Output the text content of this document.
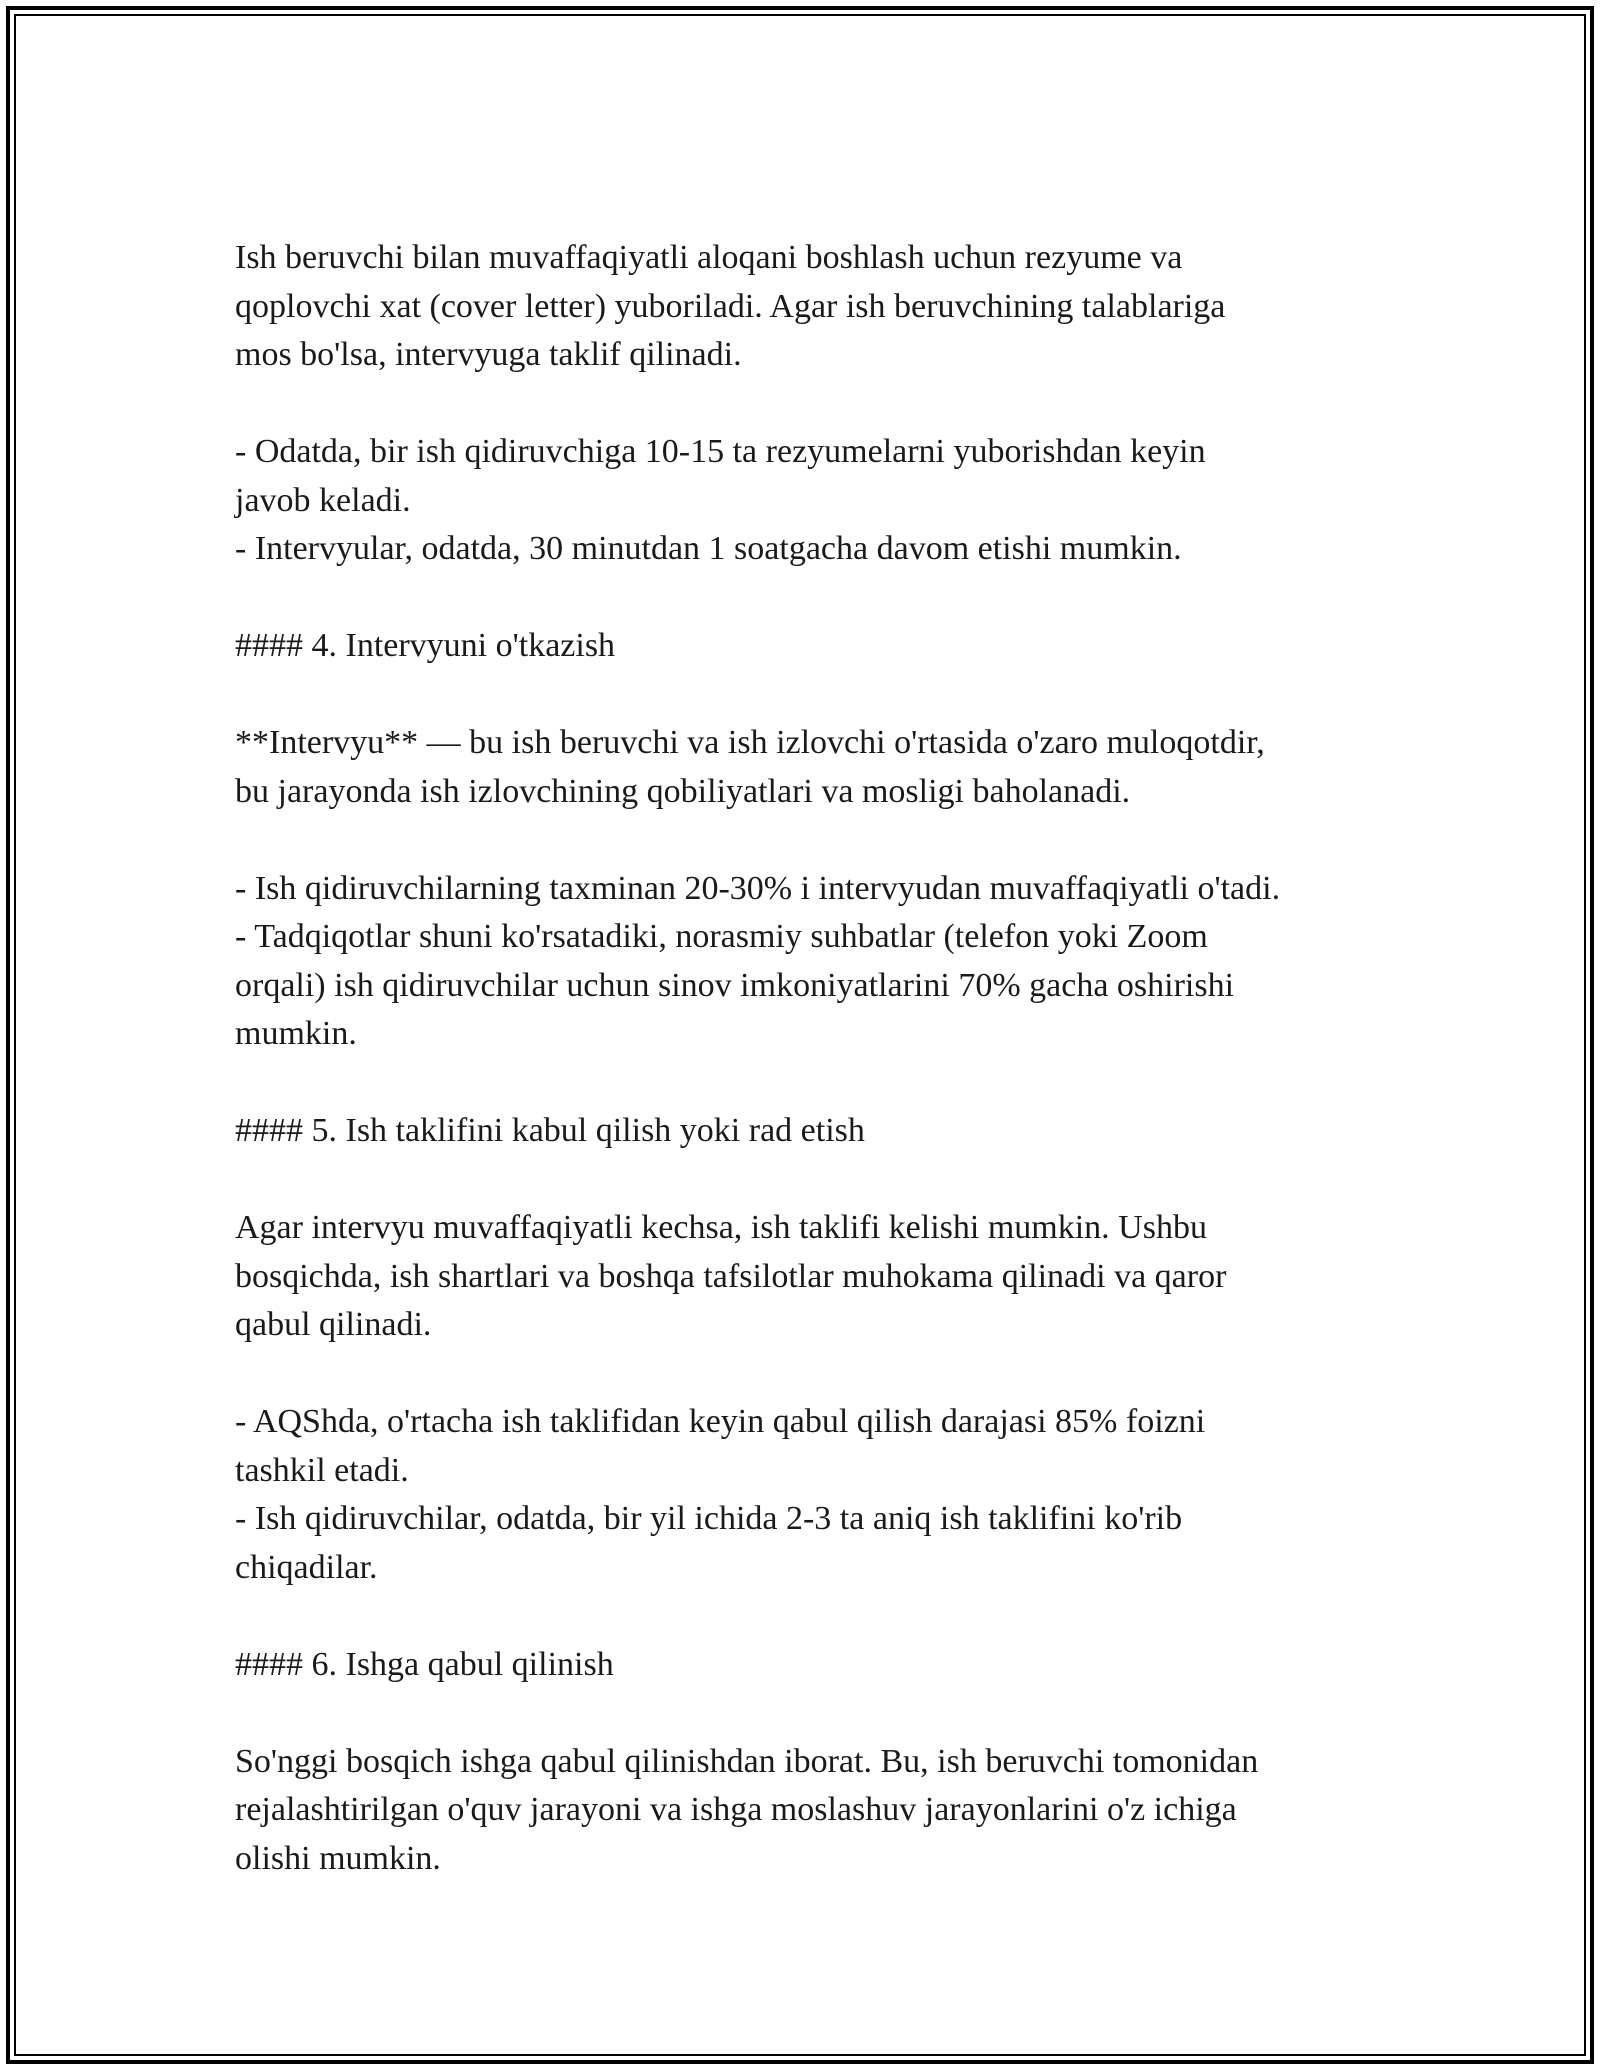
Ish beruvchi bilan muvaffaqiyatli aloqani boshlash uchun rezyume va
qoplovchi xat (cover letter) yuboriladi. Agar ish beruvchining talablariga
mos bo'lsa, intervyuga taklif qilinadi.

- Odatda, bir ish qidiruvchiga 10-15 ta rezyumelarni yuborishdan keyin
javob keladi.
- Intervyular, odatda, 30 minutdan 1 soatgacha davom etishi mumkin.

#### 4. Intervyuni o'tkazish

**Intervyu** — bu ish beruvchi va ish izlovchi o'rtasida o'zaro muloqotdir,
bu jarayonda ish izlovchining qobiliyatlari va mosligi baholanadi.

- Ish qidiruvchilarning taxminan 20-30% i intervyudan muvaffaqiyatli o'tadi.
- Tadqiqotlar shuni ko'rsatadiki, norasmiy suhbatlar (telefon yoki Zoom
orqali) ish qidiruvchilar uchun sinov imkoniyatlarini 70% gacha oshirishi
mumkin.

#### 5. Ish taklifini kabul qilish yoki rad etish

Agar intervyu muvaffaqiyatli kechsa, ish taklifi kelishi mumkin. Ushbu
bosqichda, ish shartlari va boshqa tafsilotlar muhokama qilinadi va qaror
qabul qilinadi.

- AQShda, o'rtacha ish taklifidan keyin qabul qilish darajasi 85% foizni
tashkil etadi.
- Ish qidiruvchilar, odatda, bir yil ichida 2-3 ta aniq ish taklifini ko'rib
chiqadilar.

#### 6. Ishga qabul qilinish

So'nggi bosqich ishga qabul qilinishdan iborat. Bu, ish beruvchi tomonidan
rejalashtirilgan o'quv jarayoni va ishga moslashuv jarayonlarini o'z ichiga
olishi mumkin.
